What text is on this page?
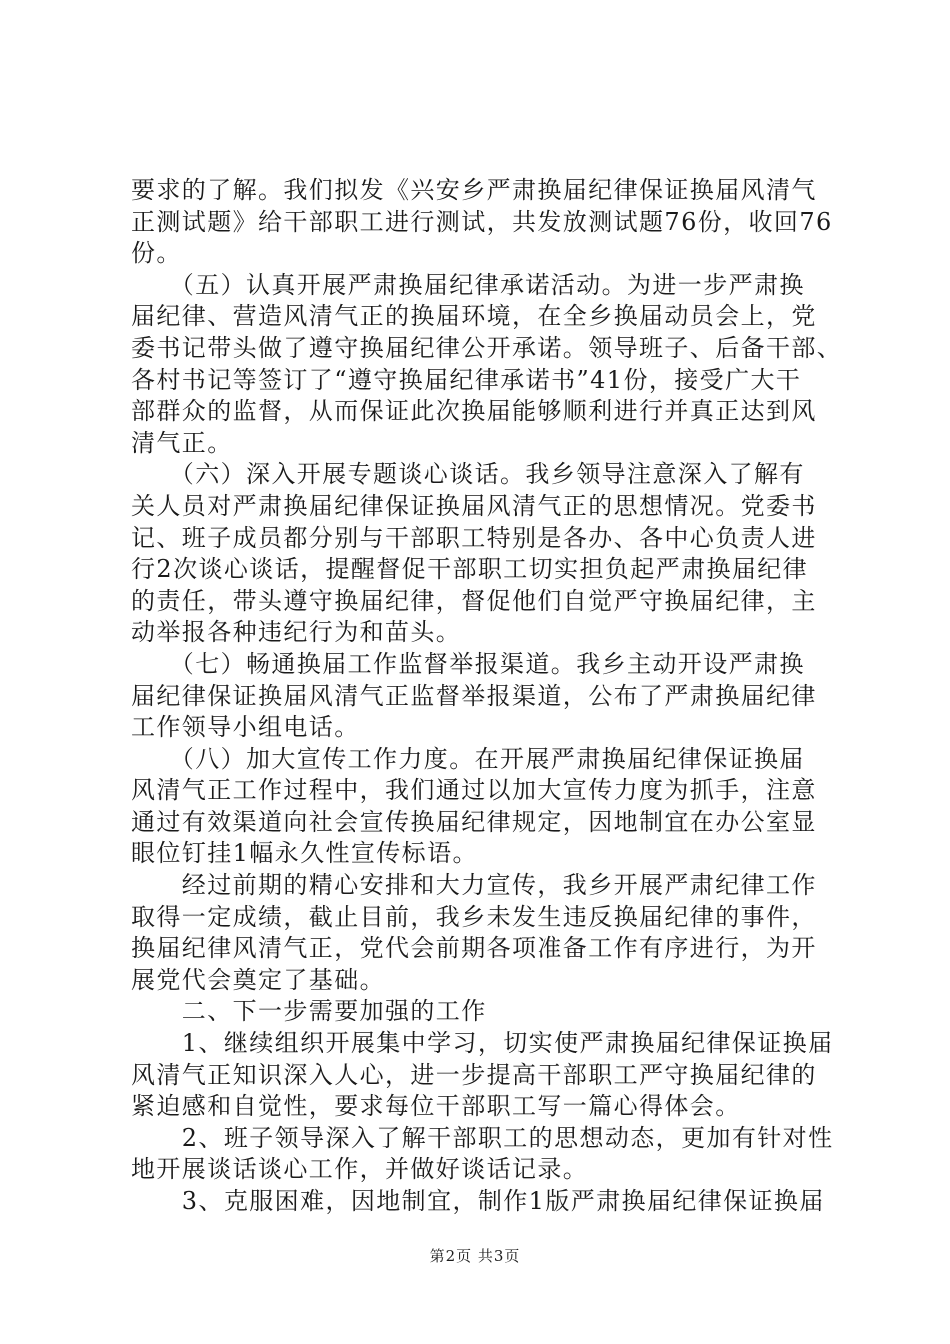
要求的了解。我们拟发《兴安乡严肃换届纪律保证换届风清气
正测试题》给干部职工进行测试，共发放测试题76份，收回76
份。
　　（五）认真开展严肃换届纪律承诺活动。为进一步严肃换
届纪律、营造风清气正的换届环境，在全乡换届动员会上，党
委书记带头做了遵守换届纪律公开承诺。领导班子、后备干部、
各村书记等签订了“遵守换届纪律承诺书”41份，接受广大干
部群众的监督，从而保证此次换届能够顺利进行并真正达到风
清气正。
　　（六）深入开展专题谈心谈话。我乡领导注意深入了解有
关人员对严肃换届纪律保证换届风清气正的思想情况。党委书
记、班子成员都分别与干部职工特别是各办、各中心负责人进
行2次谈心谈话，提醒督促干部职工切实担负起严肃换届纪律
的责任，带头遵守换届纪律，督促他们自觉严守换届纪律，主
动举报各种违纪行为和苗头。
　　（七）畅通换届工作监督举报渠道。我乡主动开设严肃换
届纪律保证换届风清气正监督举报渠道，公布了严肃换届纪律
工作领导小组电话。
　　（八）加大宣传工作力度。在开展严肃换届纪律保证换届
风清气正工作过程中，我们通过以加大宣传力度为抓手，注意
通过有效渠道向社会宣传换届纪律规定，因地制宜在办公室显
眼位钉挂1幅永久性宣传标语。
　　经过前期的精心安排和大力宣传，我乡开展严肃纪律工作
取得一定成绩，截止目前，我乡未发生违反换届纪律的事件，
换届纪律风清气正，党代会前期各项准备工作有序进行，为开
展党代会奠定了基础。
　　二、下一步需要加强的工作
　　1、继续组织开展集中学习，切实使严肃换届纪律保证换届
风清气正知识深入人心，进一步提高干部职工严守换届纪律的
紧迫感和自觉性，要求每位干部职工写一篇心得体会。
　　2、班子领导深入了解干部职工的思想动态，更加有针对性
地开展谈话谈心工作，并做好谈话记录。
　　3、克服困难，因地制宜，制作1版严肃换届纪律保证换届
第2页 共3页
